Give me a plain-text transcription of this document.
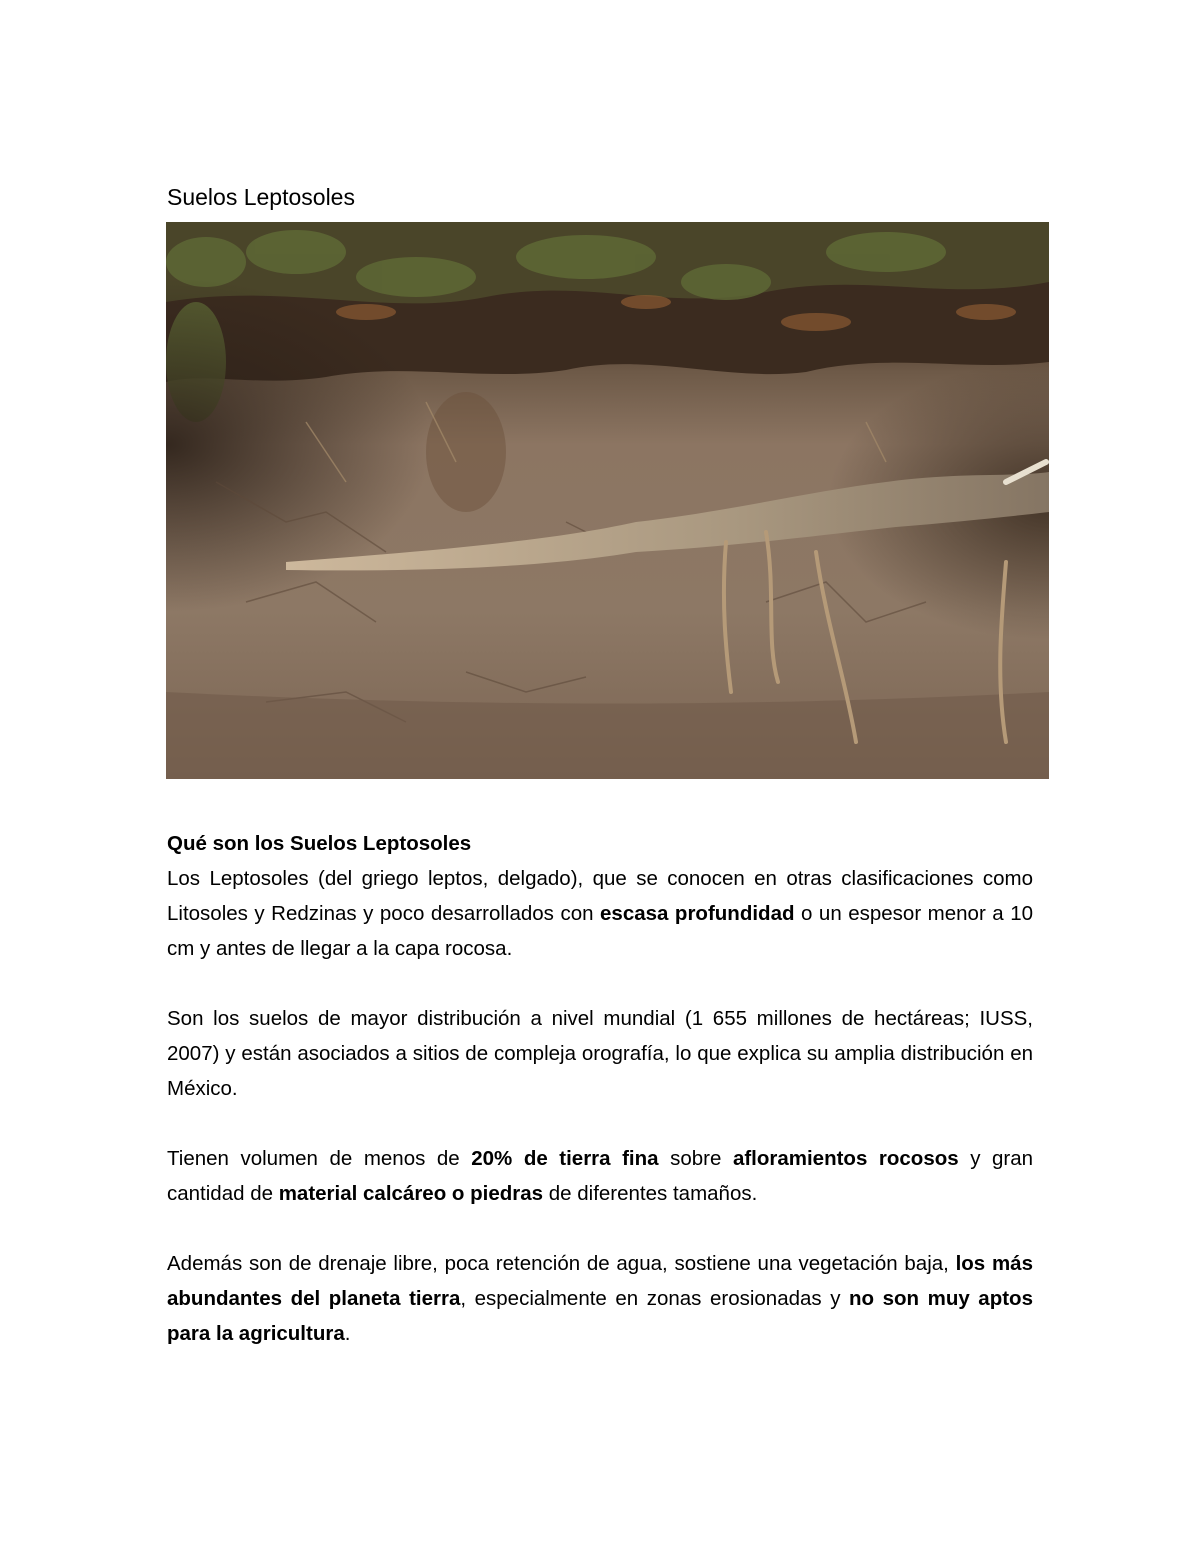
Suelos Leptosoles

Qué son los Suelos Leptosoles

Los Leptosoles (del griego leptos, delgado), que se conocen en otras clasificaciones como Litosoles y Redzinas y poco desarrollados con escasa profundidad o un espesor menor a 10 cm y antes de llegar a la capa rocosa.

Son los suelos de mayor distribución a nivel mundial (1 655 millones de hectáreas; IUSS, 2007) y están asociados a sitios de compleja orografía, lo que explica su amplia distribución en México.

Tienen volumen de menos de 20% de tierra fina sobre afloramientos rocosos y gran cantidad de material calcáreo o piedras de diferentes tamaños.

Además son de drenaje libre, poca retención de agua, sostiene una vegetación baja, los más abundantes del planeta tierra, especialmente en zonas erosionadas y no son muy aptos para la agricultura.
